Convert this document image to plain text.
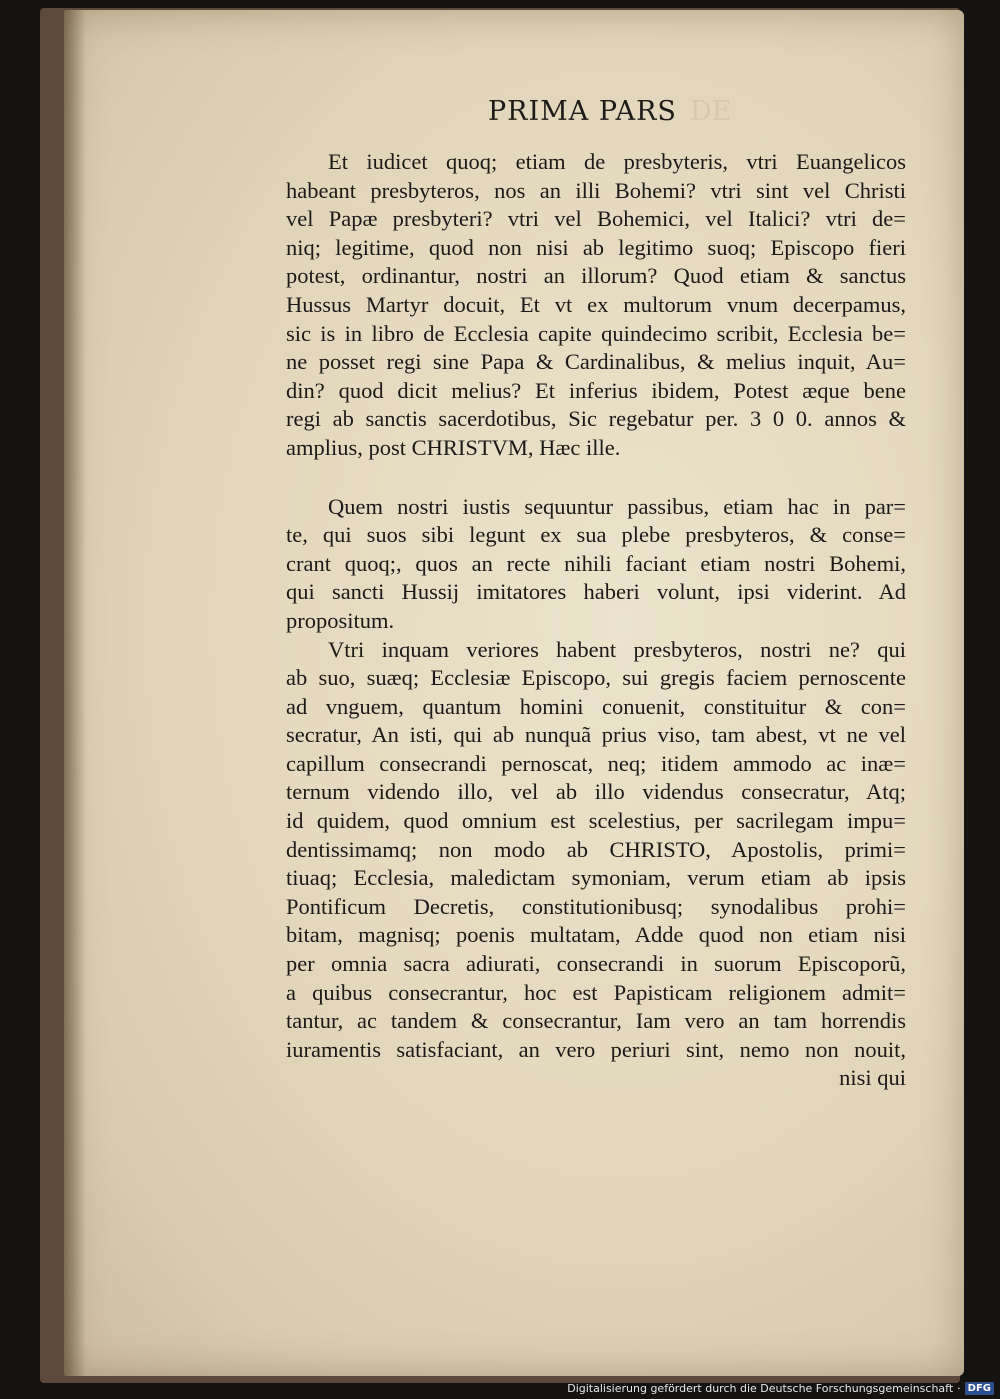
DE
PRIMA PARS

Et iudicet quoq; etiam de presbyteris, vtri Euangelicos
habeant presbyteros, nos an illi Bohemi? vtri sint vel Christi
vel Papæ presbyteri? vtri vel Bohemici, vel Italici? vtri de=
niq; legitime, quod non nisi ab legitimo suoq; Episcopo fieri
potest, ordinantur, nostri an illorum? Quod etiam & sanctus
Hussus Martyr docuit, Et vt ex multorum vnum decerpamus,
sic is in libro de Ecclesia capite quindecimo scribit, Ecclesia be=
ne posset regi sine Papa & Cardinalibus, & melius inquit, Au=
din? quod dicit melius? Et inferius ibidem, Potest æque bene
regi ab sanctis sacerdotibus, Sic regebatur per. 3 0 0. annos &
amplius, post CHRISTVM, Hæc ille.

Quem nostri iustis sequuntur passibus, etiam hac in par=
te, qui suos sibi legunt ex sua plebe presbyteros, & conse=
crant quoq;, quos an recte nihili faciant etiam nostri Bohemi,
qui sancti Hussij imitatores haberi volunt, ipsi viderint. Ad
propositum.

Vtri inquam veriores habent presbyteros, nostri ne? qui
ab suo, suæq; Ecclesiæ Episcopo, sui gregis faciem pernoscente
ad vnguem, quantum homini conuenit, constituitur & con=
secratur, An isti, qui ab nunquã prius viso, tam abest, vt ne vel
capillum consecrandi pernoscat, neq; itidem ammodo ac inæ=
ternum videndo illo, vel ab illo videndus consecratur, Atq;
id quidem, quod omnium est scelestius, per sacrilegam impu=
dentissimamq; non modo ab CHRISTO, Apostolis, primi=
tiuaq; Ecclesia, maledictam symoniam, verum etiam ab ipsis
Pontificum Decretis, constitutionibusq; synodalibus prohi=
bitam, magnisq; poenis multatam, Adde quod non etiam nisi
per omnia sacra adiurati, consecrandi in suorum Episcoporũ,
a quibus consecrantur, hoc est Papisticam religionem admit=
tantur, ac tandem & consecrantur, Iam vero an tam horrendis
iuramentis satisfaciant, an vero periuri sint, nemo non nouit,
nisi qui

Digitalisierung gefördert durch die Deutsche Forschungsgemeinschaft · DFG
